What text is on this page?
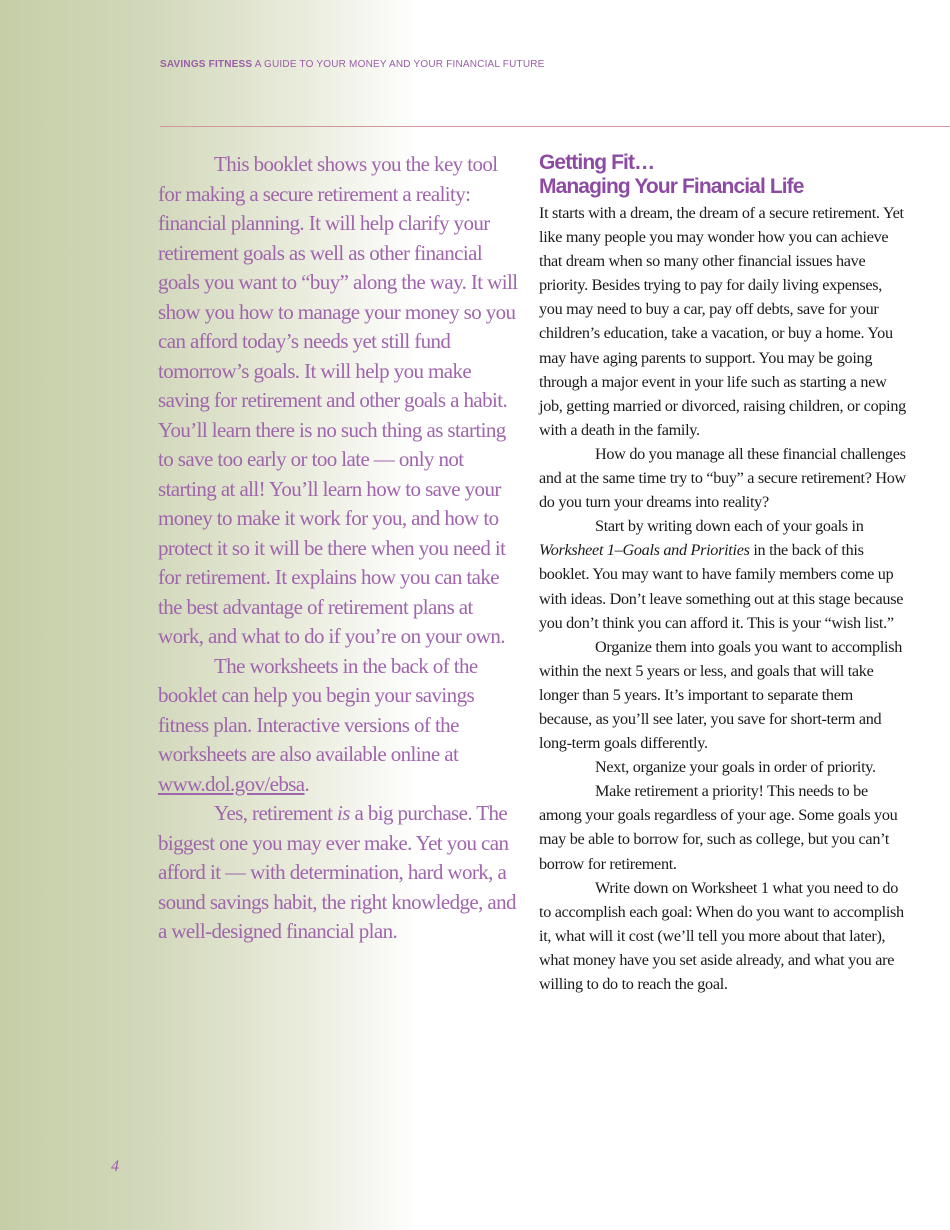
SAVINGS FITNESS A GUIDE TO YOUR MONEY AND YOUR FINANCIAL FUTURE

This booklet shows you the key tool for making a secure retirement a reality: financial planning. It will help clarify your retirement goals as well as other financial goals you want to “buy” along the way. It will show you how to manage your money so you can afford today’s needs yet still fund tomorrow’s goals. It will help you make saving for retirement and other goals a habit. You’ll learn there is no such thing as starting to save too early or too late — only not starting at all! You’ll learn how to save your money to make it work for you, and how to protect it so it will be there when you need it for retirement. It explains how you can take the best advantage of retirement plans at work, and what to do if you’re on your own.

The worksheets in the back of the booklet can help you begin your savings fitness plan. Interactive versions of the worksheets are also available online at www.dol.gov/ebsa.

Yes, retirement is a big purchase. The biggest one you may ever make. Yet you can afford it — with determination, hard work, a sound savings habit, the right knowledge, and a well-designed financial plan.

Getting Fit…
Managing Your Financial Life

It starts with a dream, the dream of a secure retirement. Yet like many people you may wonder how you can achieve that dream when so many other financial issues have priority. Besides trying to pay for daily living expenses, you may need to buy a car, pay off debts, save for your children’s education, take a vacation, or buy a home. You may have aging parents to support. You may be going through a major event in your life such as starting a new job, getting married or divorced, raising children, or coping with a death in the family.

How do you manage all these financial challenges and at the same time try to “buy” a secure retirement? How do you turn your dreams into reality?

Start by writing down each of your goals in Worksheet 1–Goals and Priorities in the back of this booklet. You may want to have family members come up with ideas. Don’t leave something out at this stage because you don’t think you can afford it. This is your “wish list.”

Organize them into goals you want to accomplish within the next 5 years or less, and goals that will take longer than 5 years. It’s important to separate them because, as you’ll see later, you save for short-term and long-term goals differently.

Next, organize your goals in order of priority.

Make retirement a priority! This needs to be among your goals regardless of your age. Some goals you may be able to borrow for, such as college, but you can’t borrow for retirement.

Write down on Worksheet 1 what you need to do to accomplish each goal: When do you want to accomplish it, what will it cost (we’ll tell you more about that later), what money have you set aside already, and what you are willing to do to reach the goal.

4
